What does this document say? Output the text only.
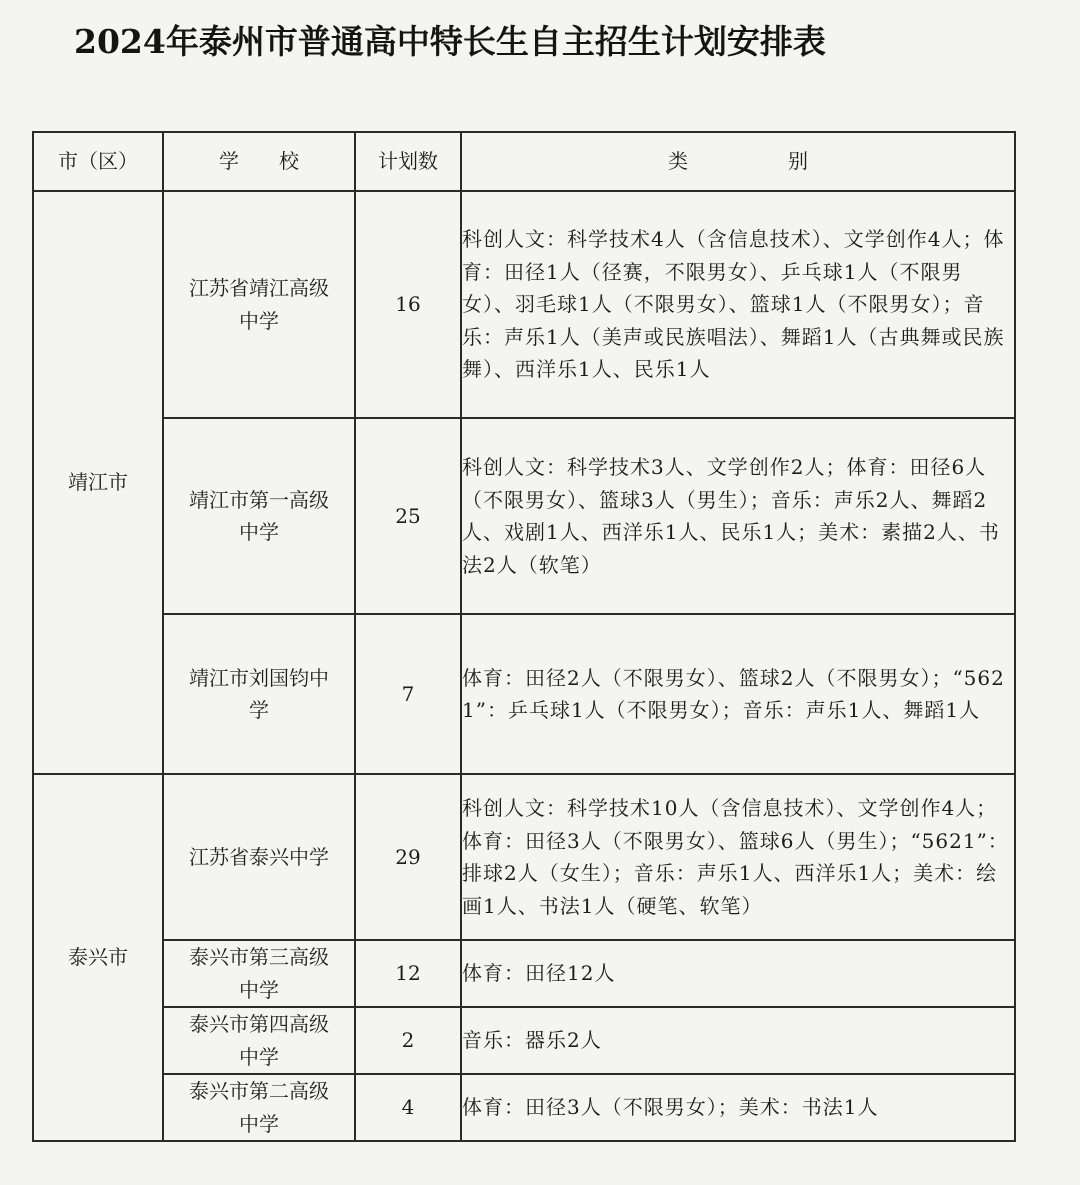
2024年泰州市普通高中特长生自主招生计划安排表
市（区）	学　　校	计划数	类　　　　　别
靖江市	江苏省靖江高级中学	16	科创人文：科学技术4人（含信息技术）、文学创作4人；体育：田径1人（径赛，不限男女）、乒乓球1人（不限男女）、羽毛球1人（不限男女）、篮球1人（不限男女）；音乐：声乐1人（美声或民族唱法）、舞蹈1人（古典舞或民族舞）、西洋乐1人、民乐1人
	靖江市第一高级中学	25	科创人文：科学技术3人、文学创作2人；体育：田径6人（不限男女）、篮球3人（男生）；音乐：声乐2人、舞蹈2人、戏剧1人、西洋乐1人、民乐1人；美术：素描2人、书法2人（软笔）
	靖江市刘国钧中学	7	体育：田径2人（不限男女）、篮球2人（不限男女）；“5621”：乒乓球1人（不限男女）；音乐：声乐1人、舞蹈1人
泰兴市	江苏省泰兴中学	29	科创人文：科学技术10人（含信息技术）、文学创作4人；体育：田径3人（不限男女）、篮球6人（男生）；“5621”：排球2人（女生）；音乐：声乐1人、西洋乐1人；美术：绘画1人、书法1人（硬笔、软笔）
	泰兴市第三高级中学	12	体育：田径12人
	泰兴市第四高级中学	2	音乐：器乐2人
	泰兴市第二高级中学	4	体育：田径3人（不限男女）；美术：书法1人
